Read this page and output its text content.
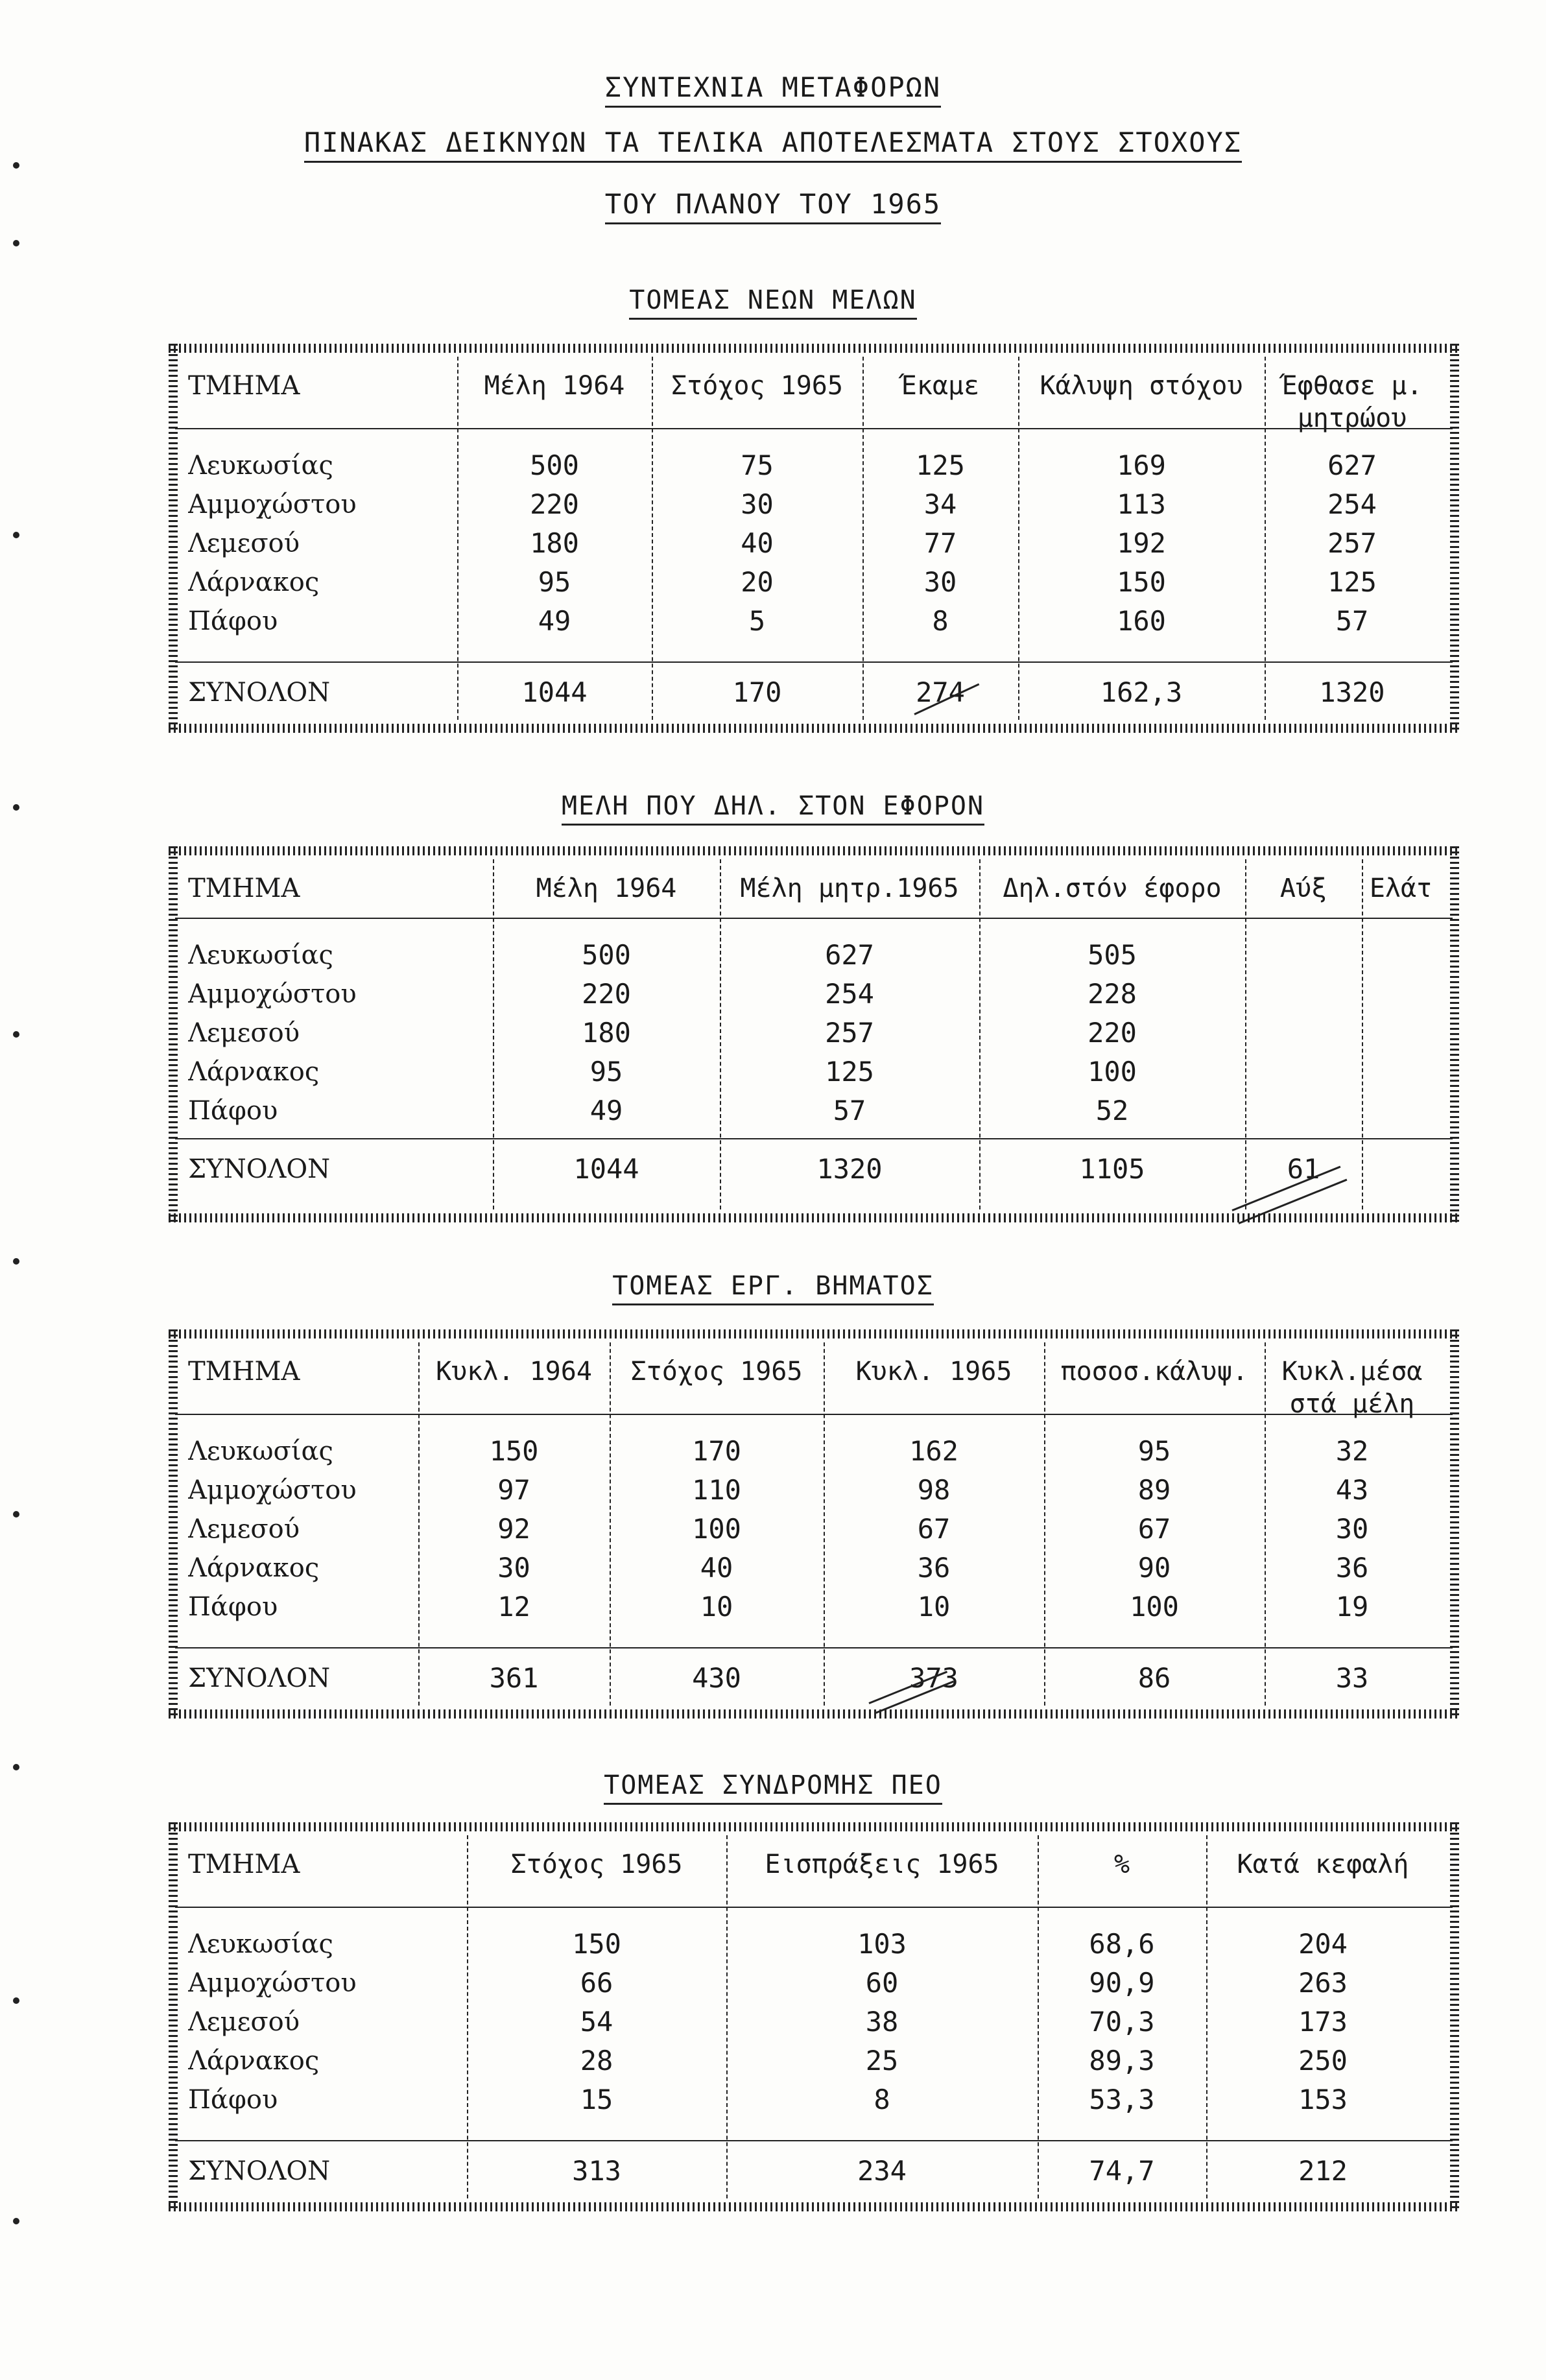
ΣΥΝΤΕΧΝΙΑ ΜΕΤΑΦΟΡΩΝ
ΠΙΝΑΚΑΣ ΔΕΙΚΝΥΩΝ ΤΑ ΤΕΛΙΚΑ ΑΠΟΤΕΛΕΣΜΑΤΑ ΣΤΟΥΣ ΣΤΟΧΟΥΣ
ΤΟΥ ΠΛΑΝΟΥ ΤΟΥ 1965
ΤΟΜΕΑΣ ΝΕΩΝ ΜΕΛΩΝ
ΜΕΛΗ ΠΟΥ ΔΗΛ. ΣΤΟΝ ΕΦΟΡΟΝ
ΤΟΜΕΑΣ ΕΡΓ. ΒΗΜΑΤΟΣ
ΤΟΜΕΑΣ ΣΥΝΔΡΟΜΗΣ ΠΕΟ
ΤΜΗΜΑ	Μέλη 1964	Στόχος 1965	Έκαμε	Κάλυψη στόχου	Έφθασε μ. μητρώου
Λευκωσίας	500	75	125	169	627
Αμμοχώστου	220	30	34	113	254
Λεμεσού	180	40	77	192	257
Λάρνακος	95	20	30	150	125
Πάφου	49	5	8	160	57
ΣΥΝΟΛΟΝ	1044	170	274	162,3	1320
ΤΜΗΜΑ	Μέλη 1964	Μέλη μητρ.1965	Δηλ.στόν έφορο	Αύξ	Ελάτ
Λευκωσίας	500	627	505
Αμμοχώστου	220	254	228
Λεμεσού	180	257	220
Λάρνακος	95	125	100
Πάφου	49	57	52
ΣΥΝΟΛΟΝ	1044	1320	1105	61
ΤΜΗΜΑ	Κυκλ. 1964	Στόχος 1965	Κυκλ. 1965	ποσοσ.κάλυψ.	Κυκλ.μέσα στά μέλη
Λευκωσίας	150	170	162	95	32
Αμμοχώστου	97	110	98	89	43
Λεμεσού	92	100	67	67	30
Λάρνακος	30	40	36	90	36
Πάφου	12	10	10	100	19
ΣΥΝΟΛΟΝ	361	430	373	86	33
ΤΜΗΜΑ	Στόχος 1965	Εισπράξεις 1965	%	Κατά κεφαλή
Λευκωσίας	150	103	68,6	204
Αμμοχώστου	66	60	90,9	263
Λεμεσού	54	38	70,3	173
Λάρνακος	28	25	89,3	250
Πάφου	15	8	53,3	153
ΣΥΝΟΛΟΝ	313	234	74,7	212
